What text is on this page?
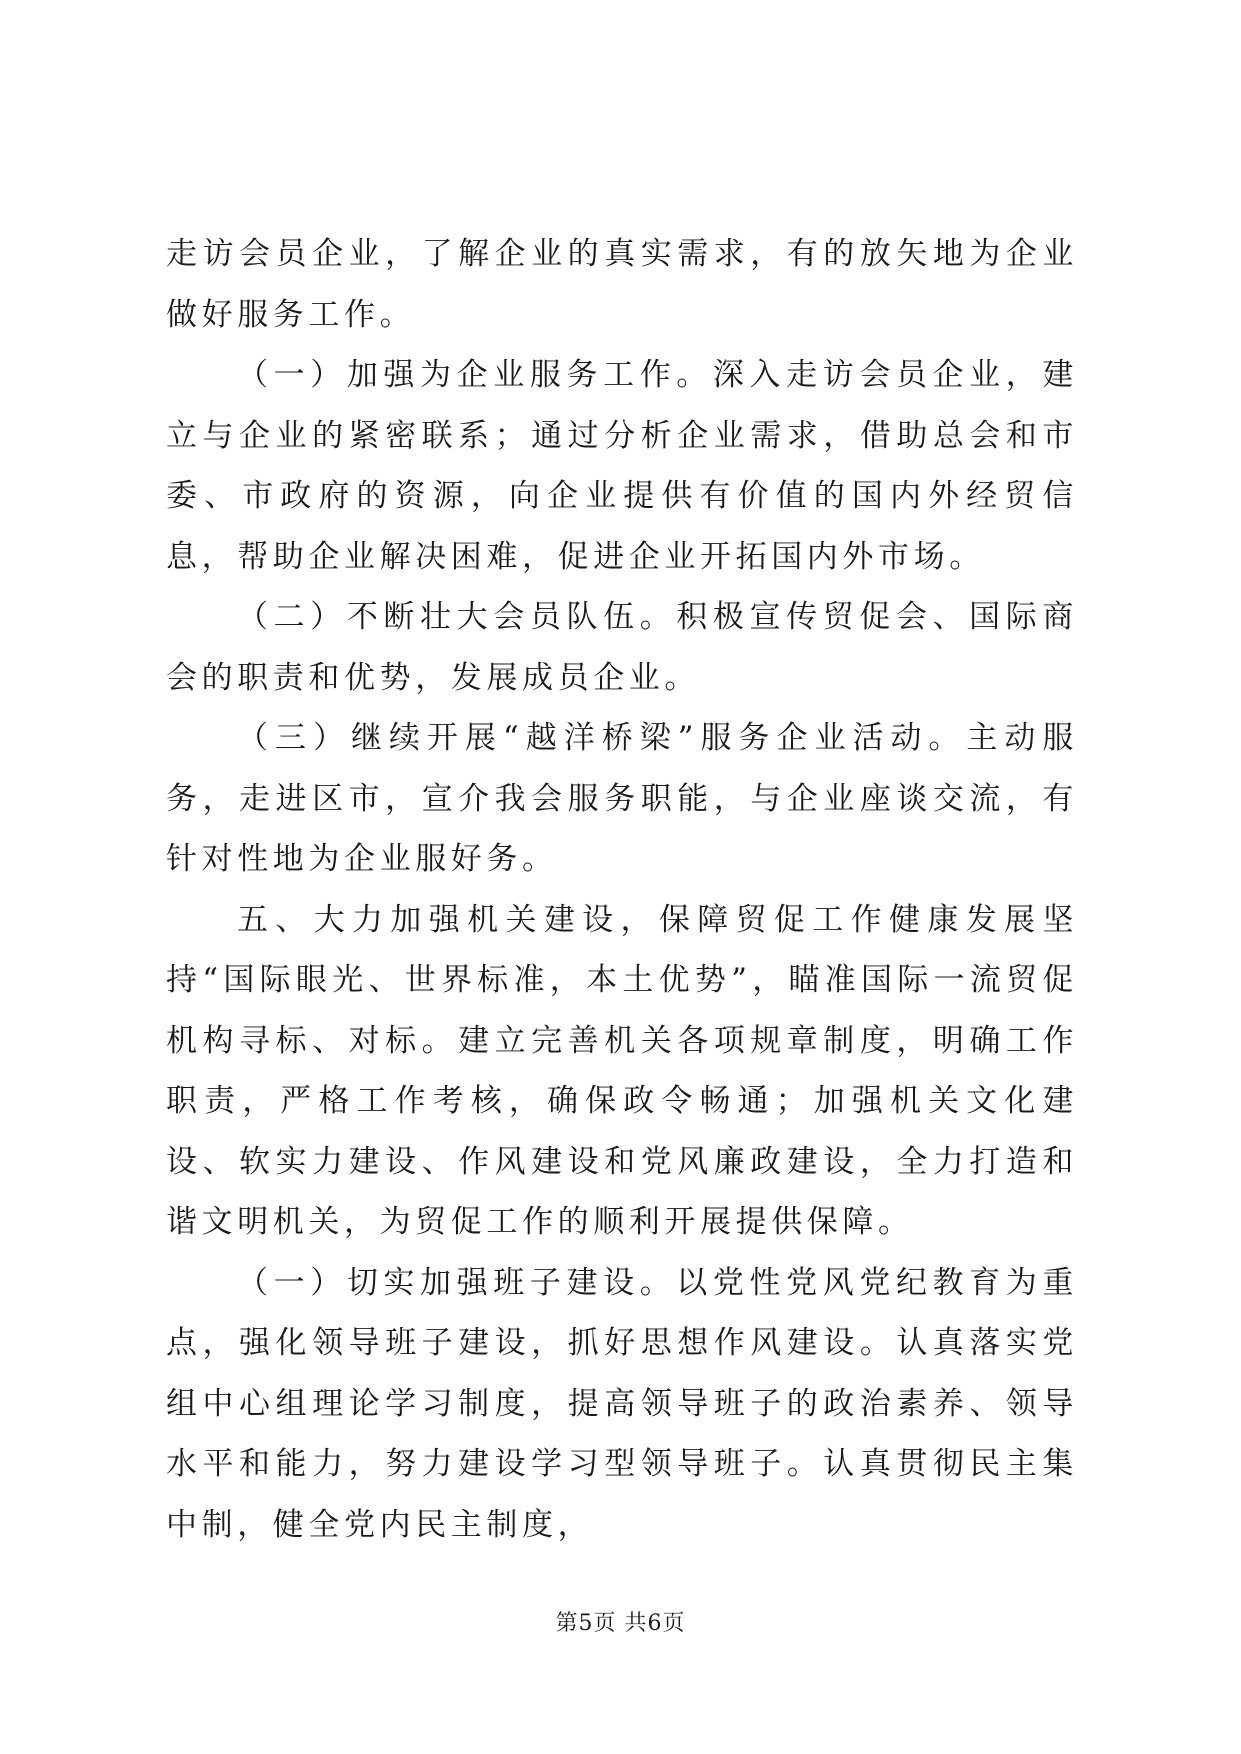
走访会员企业，了解企业的真实需求，有的放矢地为企业做好服务工作。

（一）加强为企业服务工作。深入走访会员企业，建立与企业的紧密联系；通过分析企业需求，借助总会和市委、市政府的资源，向企业提供有价值的国内外经贸信息，帮助企业解决困难，促进企业开拓国内外市场。

（二）不断壮大会员队伍。积极宣传贸促会、国际商会的职责和优势，发展成员企业。

（三）继续开展“越洋桥梁”服务企业活动。主动服务，走进区市，宣介我会服务职能，与企业座谈交流，有针对性地为企业服好务。

五、大力加强机关建设，保障贸促工作健康发展坚持“国际眼光、世界标准，本土优势”，瞄准国际一流贸促机构寻标、对标。建立完善机关各项规章制度，明确工作职责，严格工作考核，确保政令畅通；加强机关文化建设、软实力建设、作风建设和党风廉政建设，全力打造和谐文明机关，为贸促工作的顺利开展提供保障。

（一）切实加强班子建设。以党性党风党纪教育为重点，强化领导班子建设，抓好思想作风建设。认真落实党组中心组理论学习制度，提高领导班子的政治素养、领导水平和能力，努力建设学习型领导班子。认真贯彻民主集中制，健全党内民主制度，

第5页 共6页
